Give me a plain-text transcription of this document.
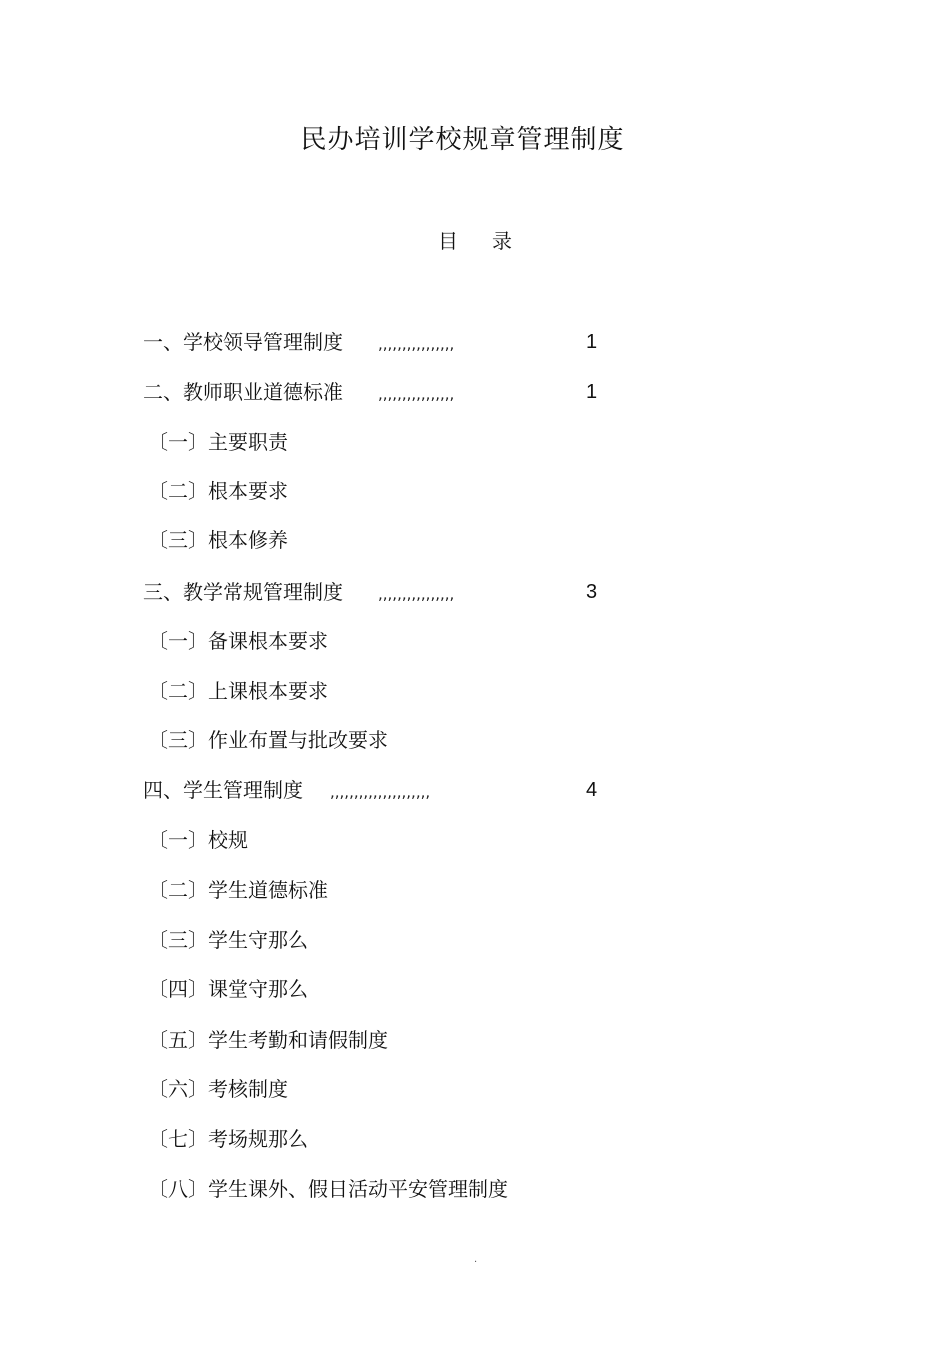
民办培训学校规章管理制度
目 录
一、学校领导管理制度 ,,,,,,,,,,,,,,,,	1
二、教师职业道德标准 ,,,,,,,,,,,,,,,,	1
〔一〕主要职责
〔二〕根本要求
〔三〕根本修养
三、教学常规管理制度 ,,,,,,,,,,,,,,,,	3
〔一〕备课根本要求
〔二〕上课根本要求
〔三〕作业布置与批改要求
四、学生管理制度 ,,,,,,,,,,,,,,,,,,,,,	4
〔一〕校规
〔二〕学生道德标准
〔三〕学生守那么
〔四〕课堂守那么
〔五〕学生考勤和请假制度
〔六〕考核制度
〔七〕考场规那么
〔八〕学生课外、假日活动平安管理制度
.
